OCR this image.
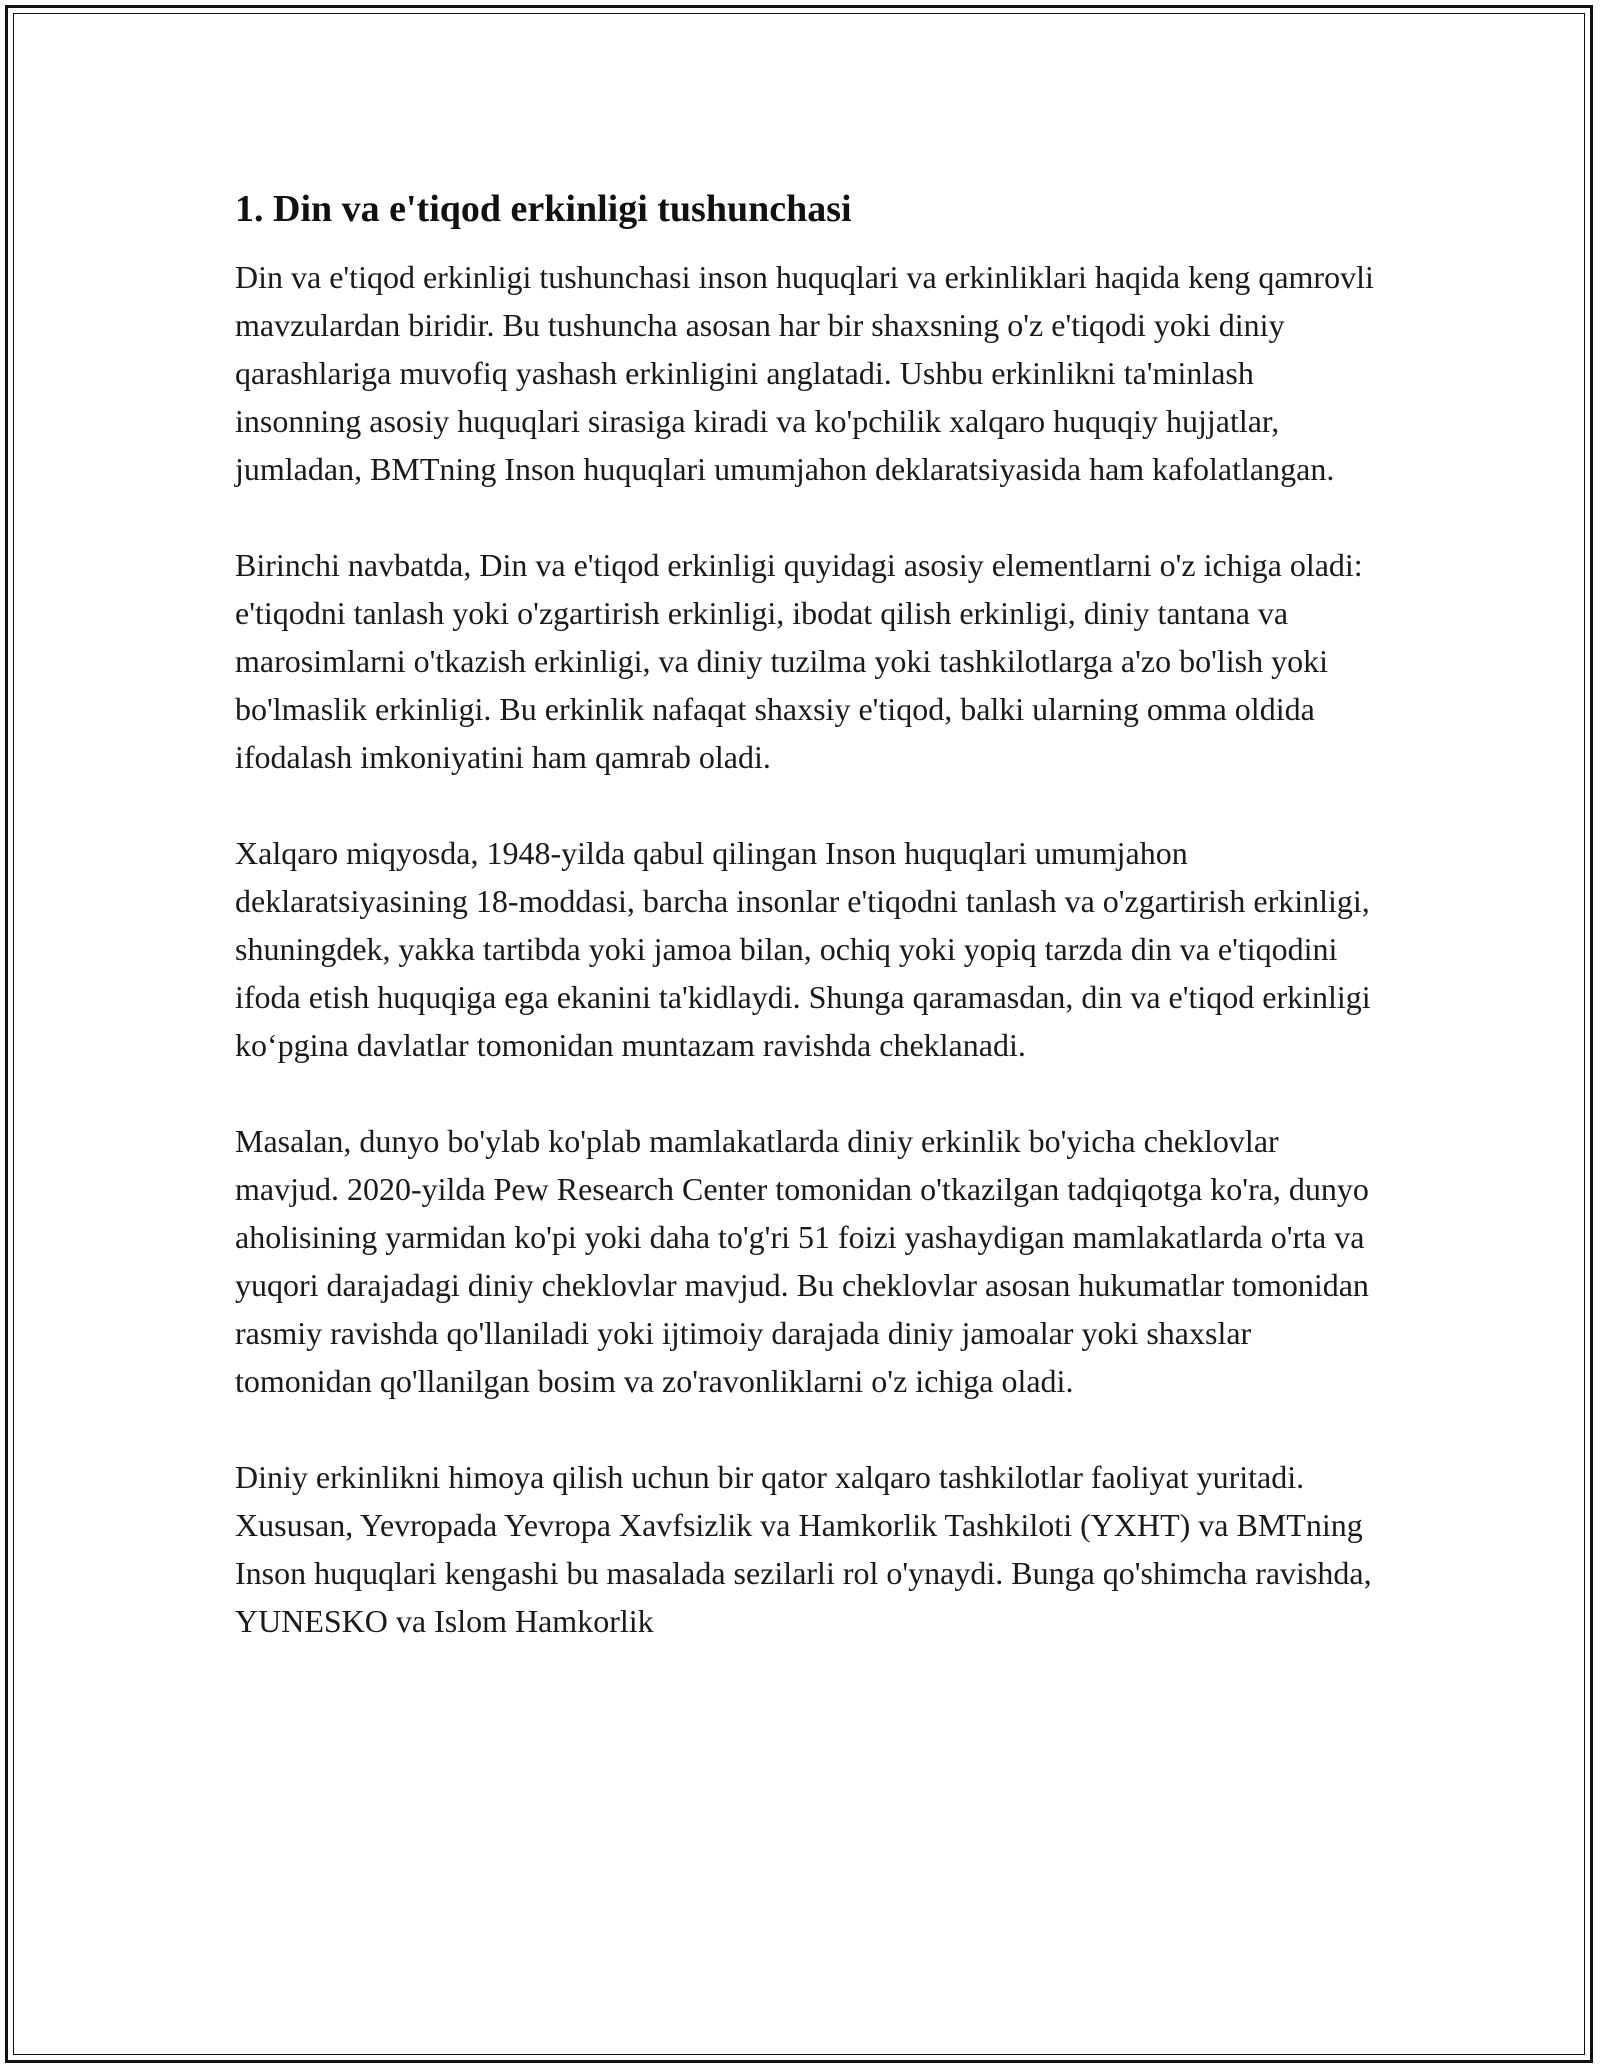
1. Din va e'tiqod erkinligi tushunchasi

Din va e'tiqod erkinligi tushunchasi inson huquqlari va erkinliklari haqida keng qamrovli mavzulardan biridir. Bu tushuncha asosan har bir shaxsning o'z e'tiqodi yoki diniy qarashlariga muvofiq yashash erkinligini anglatadi. Ushbu erkinlikni ta'minlash insonning asosiy huquqlari sirasiga kiradi va ko'pchilik xalqaro huquqiy hujjatlar, jumladan, BMTning Inson huquqlari umumjahon deklaratsiyasida ham kafolatlangan.

Birinchi navbatda, Din va e'tiqod erkinligi quyidagi asosiy elementlarni o'z ichiga oladi: e'tiqodni tanlash yoki o'zgartirish erkinligi, ibodat qilish erkinligi, diniy tantana va marosimlarni o'tkazish erkinligi, va diniy tuzilma yoki tashkilotlarga a'zo bo'lish yoki bo'lmaslik erkinligi. Bu erkinlik nafaqat shaxsiy e'tiqod, balki ularning omma oldida ifodalash imkoniyatini ham qamrab oladi.

Xalqaro miqyosda, 1948-yilda qabul qilingan Inson huquqlari umumjahon deklaratsiyasining 18-moddasi, barcha insonlar e'tiqodni tanlash va o'zgartirish erkinligi, shuningdek, yakka tartibda yoki jamoa bilan, ochiq yoki yopiq tarzda din va e'tiqodini ifoda etish huquqiga ega ekanini ta'kidlaydi. Shunga qaramasdan, din va e'tiqod erkinligi ko‘pgina davlatlar tomonidan muntazam ravishda cheklanadi.

Masalan, dunyo bo'ylab ko'plab mamlakatlarda diniy erkinlik bo'yicha cheklovlar mavjud. 2020-yilda Pew Research Center tomonidan o'tkazilgan tadqiqotga ko'ra, dunyo aholisining yarmidan ko'pi yoki daha to'g'ri 51 foizi yashaydigan mamlakatlarda o'rta va yuqori darajadagi diniy cheklovlar mavjud. Bu cheklovlar asosan hukumatlar tomonidan rasmiy ravishda qo'llaniladi yoki ijtimoiy darajada diniy jamoalar yoki shaxslar tomonidan qo'llanilgan bosim va zo'ravonliklarni o'z ichiga oladi.

Diniy erkinlikni himoya qilish uchun bir qator xalqaro tashkilotlar faoliyat yuritadi. Xususan, Yevropada Yevropa Xavfsizlik va Hamkorlik Tashkiloti (YXHT) va BMTning Inson huquqlari kengashi bu masalada sezilarli rol o'ynaydi. Bunga qo'shimcha ravishda, YUNESKO va Islom Hamkorlik
